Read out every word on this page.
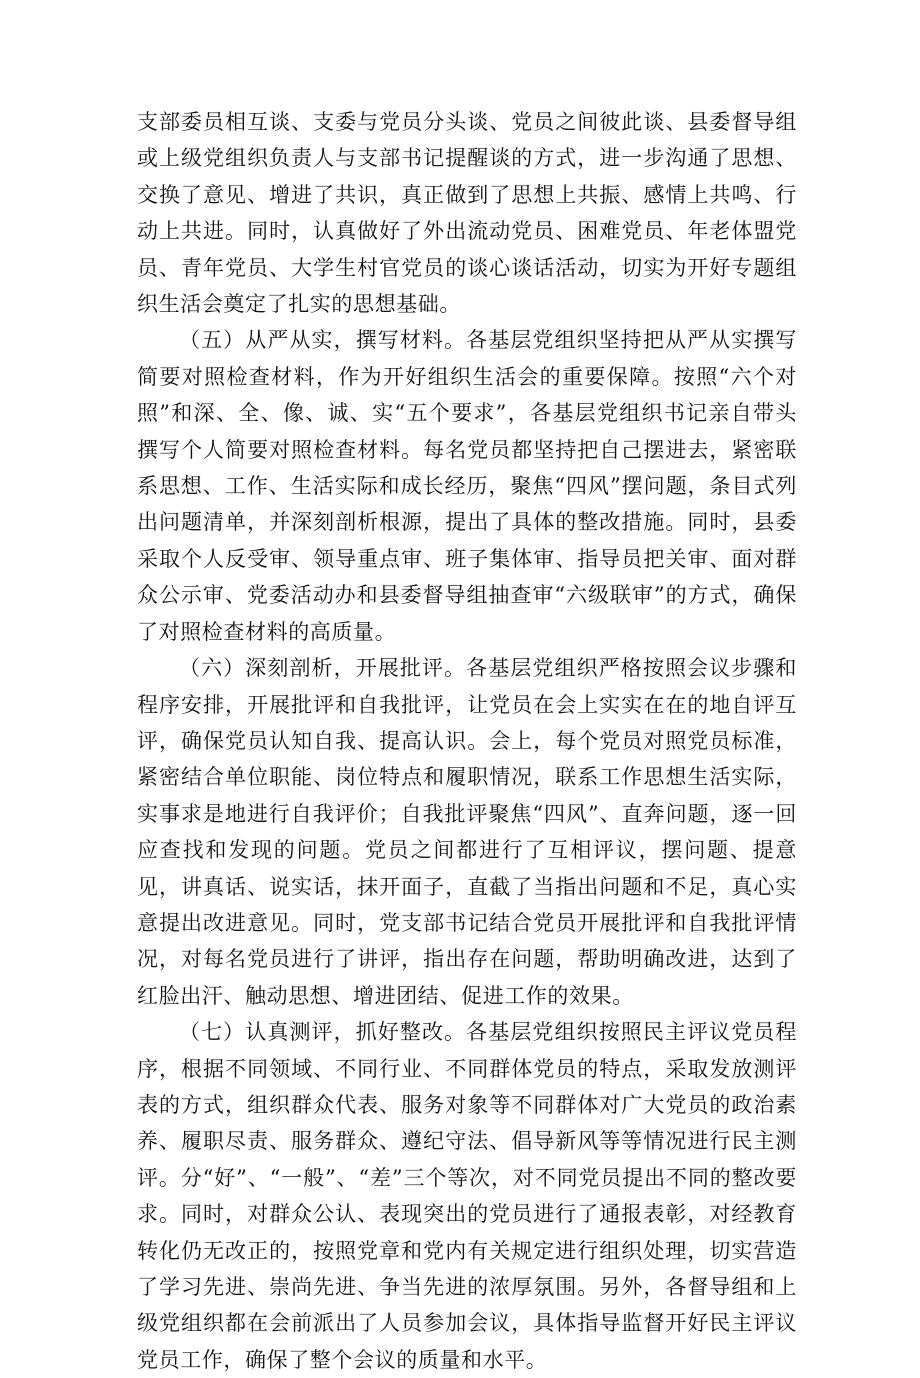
支部委员相互谈、支委与党员分头谈、党员之间彼此谈、县委督导组或上级党组织负责人与支部书记提醒谈的方式，进一步沟通了思想、交换了意见、增进了共识，真正做到了思想上共振、感情上共鸣、行动上共进。同时，认真做好了外出流动党员、困难党员、年老体盟党员、青年党员、大学生村官党员的谈心谈话活动，切实为开好专题组织生活会奠定了扎实的思想基础。

（五）从严从实，撰写材料。各基层党组织坚持把从严从实撰写简要对照检查材料，作为开好组织生活会的重要保障。按照“六个对照”和深、全、像、诚、实“五个要求”，各基层党组织书记亲自带头撰写个人简要对照检查材料。每名党员都坚持把自己摆进去，紧密联系思想、工作、生活实际和成长经历，聚焦“四风”摆问题，条目式列出问题清单，并深刻剖析根源，提出了具体的整改措施。同时，县委采取个人反受审、领导重点审、班子集体审、指导员把关审、面对群众公示审、党委活动办和县委督导组抽查审“六级联审”的方式，确保了对照检查材料的高质量。

（六）深刻剖析，开展批评。各基层党组织严格按照会议步骤和程序安排，开展批评和自我批评，让党员在会上实实在在的地自评互评，确保党员认知自我、提高认识。会上，每个党员对照党员标准，紧密结合单位职能、岗位特点和履职情况，联系工作思想生活实际，实事求是地进行自我评价；自我批评聚焦“四风”、直奔问题，逐一回应查找和发现的问题。党员之间都进行了互相评议，摆问题、提意见，讲真话、说实话，抹开面子，直截了当指出问题和不足，真心实意提出改进意见。同时，党支部书记结合党员开展批评和自我批评情况，对每名党员进行了讲评，指出存在问题，帮助明确改进，达到了红脸出汗、触动思想、增进团结、促进工作的效果。

（七）认真测评，抓好整改。各基层党组织按照民主评议党员程序，根据不同领域、不同行业、不同群体党员的特点，采取发放测评表的方式，组织群众代表、服务对象等不同群体对广大党员的政治素养、履职尽责、服务群众、遵纪守法、倡导新风等等情况进行民主测评。分“好”、“一般”、“差”三个等次，对不同党员提出不同的整改要求。同时，对群众公认、表现突出的党员进行了通报表彰，对经教育转化仍无改正的，按照党章和党内有关规定进行组织处理，切实营造了学习先进、崇尚先进、争当先进的浓厚氛围。另外，各督导组和上级党组织都在会前派出了人员参加会议，具体指导监督开好民主评议党员工作，确保了整个会议的质量和水平。
